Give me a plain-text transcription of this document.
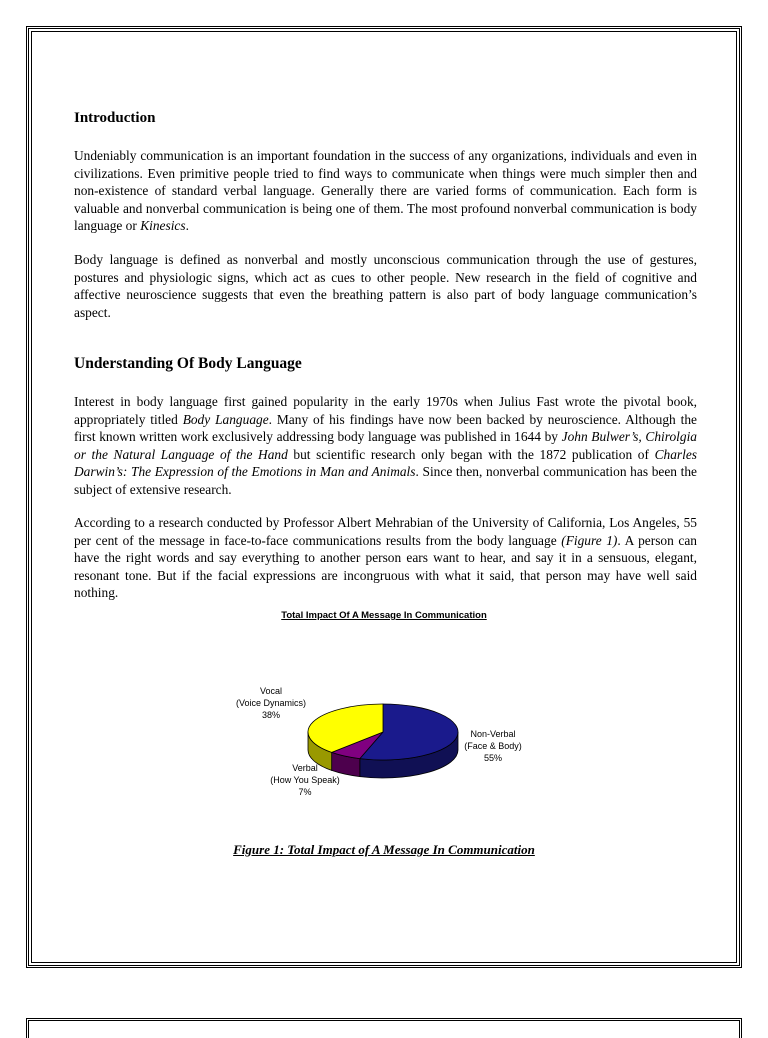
Introduction

Undeniably communication is an important foundation in the success of any organizations, individuals and even in civilizations. Even primitive people tried to find ways to communicate when things were much simpler then and non-existence of standard verbal language. Generally there are varied forms of communication. Each form is valuable and nonverbal communication is being one of them. The most profound nonverbal communication is body language or Kinesics.

Body language is defined as nonverbal and mostly unconscious communication through the use of gestures, postures and physiologic signs, which act as cues to other people. New research in the field of cognitive and affective neuroscience suggests that even the breathing pattern is also part of body language communication’s aspect.

Understanding Of Body Language

Interest in body language first gained popularity in the early 1970s when Julius Fast wrote the pivotal book, appropriately titled Body Language. Many of his findings have now been backed by neuroscience. Although the first known written work exclusively addressing body language was published in 1644 by John Bulwer’s, Chirolgia or the Natural Language of the Hand but scientific research only began with the 1872 publication of Charles Darwin’s: The Expression of the Emotions in Man and Animals. Since then, nonverbal communication has been the subject of extensive research.

According to a research conducted by Professor Albert Mehrabian of the University of California, Los Angeles, 55 per cent of the message in face-to-face communications results from the body language (Figure 1). A person can have the right words and say everything to another person ears want to hear, and say it in a sensuous, elegant, resonant tone. But if the facial expressions are incongruous with what it said, that person may have well said nothing.

Total Impact Of A Message In Communication
Vocal
(Voice Dynamics)
38%
Non-Verbal
(Face & Body)
55%
Verbal
(How You Speak)
7%
Figure 1: Total Impact of A Message In Communication
